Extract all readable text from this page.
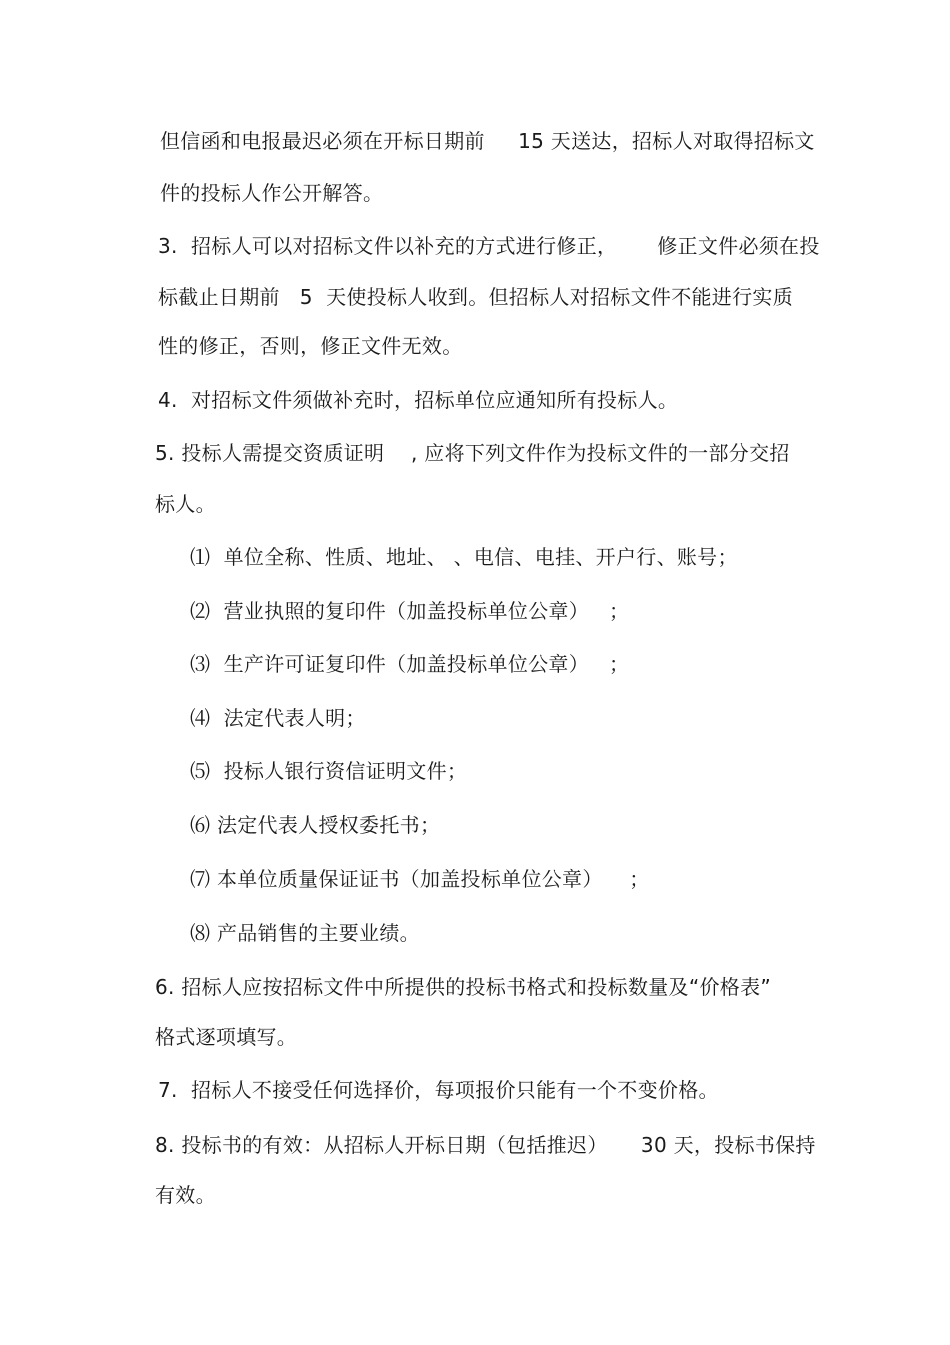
但信函和电报最迟必须在开标日期前     15 天送达，招标人对取得招标文
件的投标人作公开解答。
3.  招标人可以对招标文件以补充的方式进行修正，      修正文件必须在投
标截止日期前   5  天使投标人收到。但招标人对招标文件不能进行实质
性的修正，否则，修正文件无效。
4.  对招标文件须做补充时，招标单位应通知所有投标人。
5. 投标人需提交资质证明    , 应将下列文件作为投标文件的一部分交招
标人。
⑴  单位全称、性质、地址、 、电信、电挂、开户行、账号；
⑵  营业执照的复印件（加盖投标单位公章）   ；
⑶  生产许可证复印件（加盖投标单位公章）   ；
⑷  法定代表人明；
⑸  投标人银行资信证明文件；
⑹ 法定代表人授权委托书；
⑺ 本单位质量保证证书（加盖投标单位公章）    ；
⑻ 产品销售的主要业绩。
6. 招标人应按招标文件中所提供的投标书格式和投标数量及“价格表”
格式逐项填写。
7.  招标人不接受任何选择价，每项报价只能有一个不变价格。
8. 投标书的有效：从招标人开标日期（包括推迟）     30 天，投标书保持
有效。
